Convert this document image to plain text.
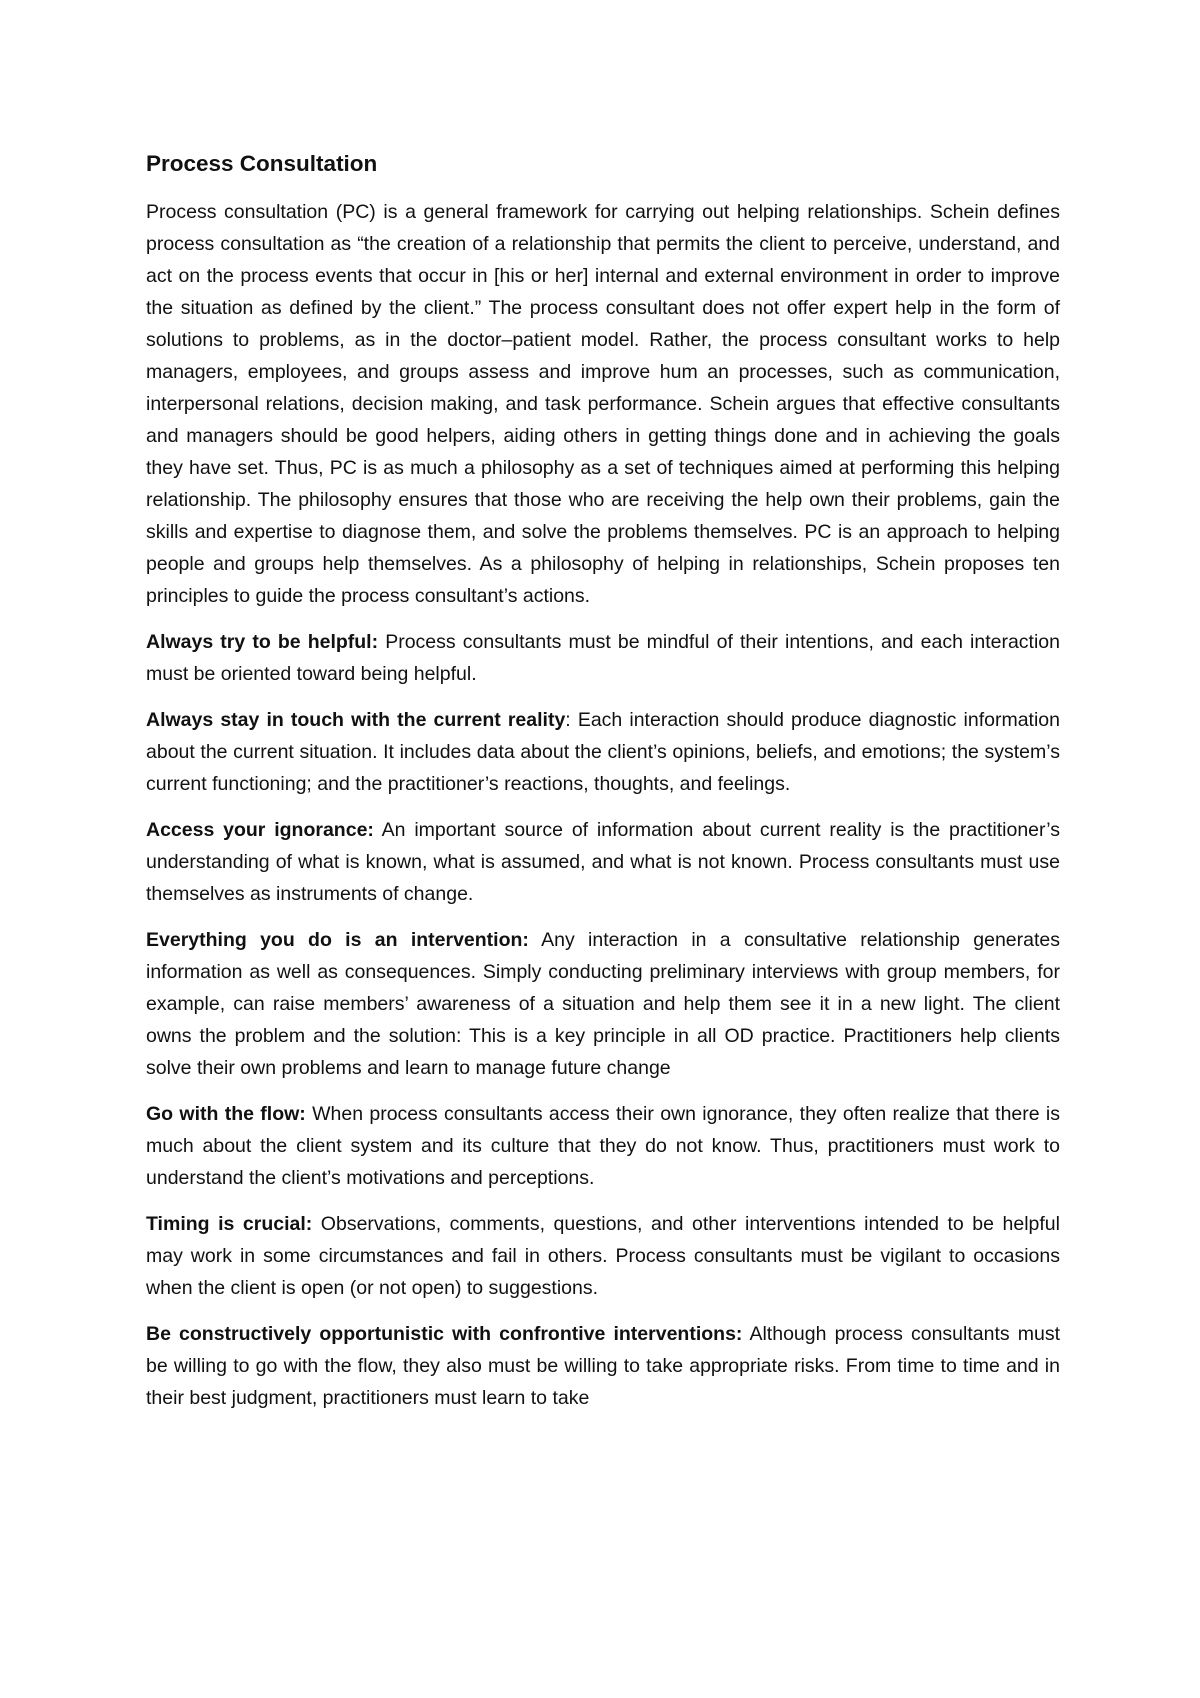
Process Consultation

Process consultation (PC) is a general framework for carrying out helping relationships. Schein defines process consultation as “the creation of a relationship that permits the client to perceive, understand, and act on the process events that occur in [his or her] internal and external environment in order to improve the situation as defined by the client.” The process consultant does not offer expert help in the form of solutions to problems, as in the doctor–patient model. Rather, the process consultant works to help managers, employees, and groups assess and improve hum an processes, such as communication, interpersonal relations, decision making, and task performance. Schein argues that effective consultants and managers should be good helpers, aiding others in getting things done and in achieving the goals they have set. Thus, PC is as much a philosophy as a set of techniques aimed at performing this helping relationship. The philosophy ensures that those who are receiving the help own their problems, gain the skills and expertise to diagnose them, and solve the problems themselves. PC is an approach to helping people and groups help themselves. As a philosophy of helping in relationships, Schein proposes ten principles to guide the process consultant’s actions.

Always try to be helpful: Process consultants must be mindful of their intentions, and each interaction must be oriented toward being helpful.

Always stay in touch with the current reality: Each interaction should produce diagnostic information about the current situation. It includes data about the client’s opinions, beliefs, and emotions; the system’s current functioning; and the practitioner’s reactions, thoughts, and feelings.

Access your ignorance: An important source of information about current reality is the practitioner’s understanding of what is known, what is assumed, and what is not known. Process consultants must use themselves as instruments of change.

Everything you do is an intervention: Any interaction in a consultative relationship generates information as well as consequences. Simply conducting preliminary interviews with group members, for example, can raise members’ awareness of a situation and help them see it in a new light. The client owns the problem and the solution: This is a key principle in all OD practice. Practitioners help clients solve their own problems and learn to manage future change

Go with the flow: When process consultants access their own ignorance, they often realize that there is much about the client system and its culture that they do not know. Thus, practitioners must work to understand the client’s motivations and perceptions.

Timing is crucial: Observations, comments, questions, and other interventions intended to be helpful may work in some circumstances and fail in others. Process consultants must be vigilant to occasions when the client is open (or not open) to suggestions.

Be constructively opportunistic with confrontive interventions: Although process consultants must be willing to go with the flow, they also must be willing to take appropriate risks. From time to time and in their best judgment, practitioners must learn to take
